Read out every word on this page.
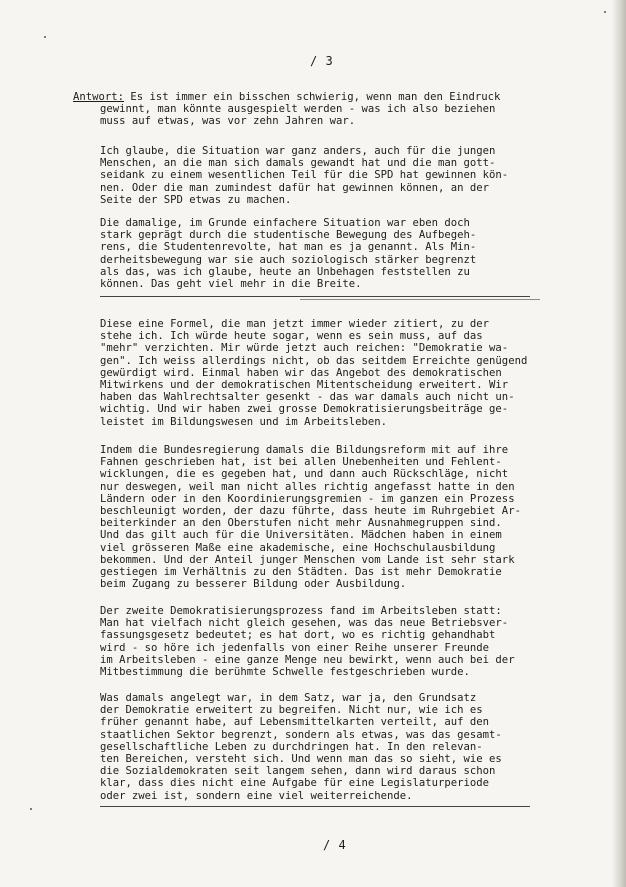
/ 3
Antwort: Es ist immer ein bisschen schwierig, wenn man den Eindruck
gewinnt, man könnte ausgespielt werden - was ich also beziehen
muss auf etwas, was vor zehn Jahren war.
Ich glaube, die Situation war ganz anders, auch für die jungen
Menschen, an die man sich damals gewandt hat und die man gott-
seidank zu einem wesentlichen Teil für die SPD hat gewinnen kön-
nen. Oder die man zumindest dafür hat gewinnen können, an der
Seite der SPD etwas zu machen.
Die damalige, im Grunde einfachere Situation war eben doch
stark geprägt durch die studentische Bewegung des Aufbegeh-
rens, die Studentenrevolte, hat man es ja genannt. Als Min-
derheitsbewegung war sie auch soziologisch stärker begrenzt
als das, was ich glaube, heute an Unbehagen feststellen zu
können. Das geht viel mehr in die Breite.
Diese eine Formel, die man jetzt immer wieder zitiert, zu der
stehe ich. Ich würde heute sogar, wenn es sein muss, auf das
"mehr" verzichten. Mir würde jetzt auch reichen: "Demokratie wa-
gen". Ich weiss allerdings nicht, ob das seitdem Erreichte genügend
gewürdigt wird. Einmal haben wir das Angebot des demokratischen
Mitwirkens und der demokratischen Mitentscheidung erweitert. Wir
haben das Wahlrechtsalter gesenkt - das war damals auch nicht un-
wichtig. Und wir haben zwei grosse Demokratisierungsbeiträge ge-
leistet im Bildungswesen und im Arbeitsleben.
Indem die Bundesregierung damals die Bildungsreform mit auf ihre
Fahnen geschrieben hat, ist bei allen Unebenheiten und Fehlent-
wicklungen, die es gegeben hat, und dann auch Rückschläge, nicht
nur deswegen, weil man nicht alles richtig angefasst hatte in den
Ländern oder in den Koordinierungsgremien - im ganzen ein Prozess
beschleunigt worden, der dazu führte, dass heute im Ruhrgebiet Ar-
beiterkinder an den Oberstufen nicht mehr Ausnahmegruppen sind.
Und das gilt auch für die Universitäten. Mädchen haben in einem
viel grösseren Maße eine akademische, eine Hochschulausbildung
bekommen. Und der Anteil junger Menschen vom Lande ist sehr stark
gestiegen im Verhältnis zu den Städten. Das ist mehr Demokratie
beim Zugang zu besserer Bildung oder Ausbildung.
Der zweite Demokratisierungsprozess fand im Arbeitsleben statt:
Man hat vielfach nicht gleich gesehen, was das neue Betriebsver-
fassungsgesetz bedeutet; es hat dort, wo es richtig gehandhabt
wird - so höre ich jedenfalls von einer Reihe unserer Freunde
im Arbeitsleben - eine ganze Menge neu bewirkt, wenn auch bei der
Mitbestimmung die berühmte Schwelle festgeschrieben wurde.
Was damals angelegt war, in dem Satz, war ja, den Grundsatz
der Demokratie erweitert zu begreifen. Nicht nur, wie ich es
früher genannt habe, auf Lebensmittelkarten verteilt, auf den
staatlichen Sektor begrenzt, sondern als etwas, was das gesamt-
gesellschaftliche Leben zu durchdringen hat. In den relevan-
ten Bereichen, versteht sich. Und wenn man das so sieht, wie es
die Sozialdemokraten seit langem sehen, dann wird daraus schon
klar, dass dies nicht eine Aufgabe für eine Legislaturperiode
oder zwei ist, sondern eine viel weiterreichende.
/ 4
